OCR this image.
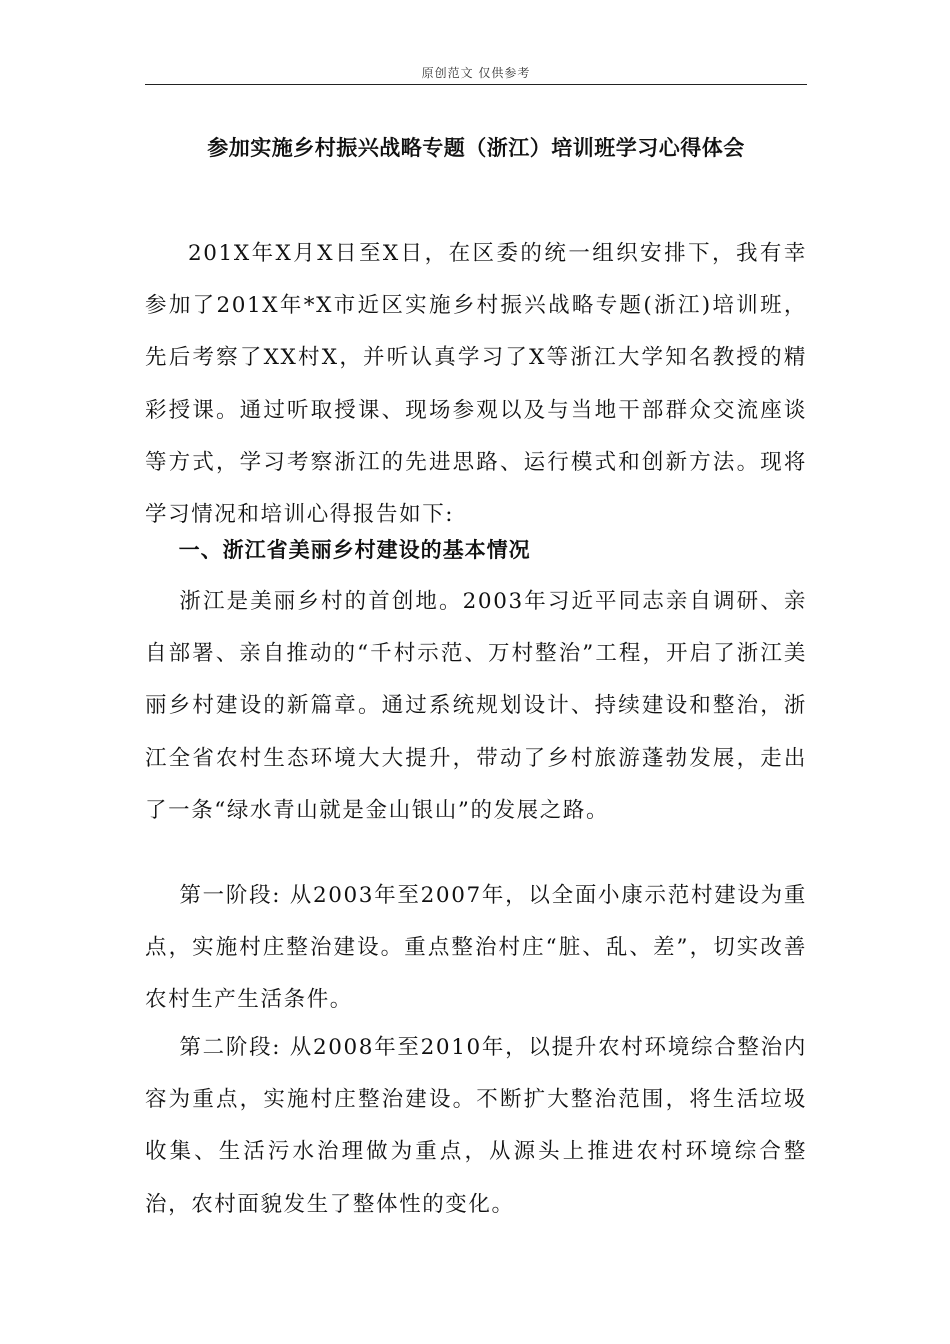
原创范文 仅供参考
参加实施乡村振兴战略专题（浙江）培训班学习心得体会

201X年X月X日至X日，在区委的统一组织安排下，我有幸参加了201X年*X市近区实施乡村振兴战略专题(浙江)培训班，先后考察了XX村X，并听认真学习了X等浙江大学知名教授的精彩授课。通过听取授课、现场参观以及与当地干部群众交流座谈等方式，学习考察浙江的先进思路、运行模式和创新方法。现将学习情况和培训心得报告如下:

一、浙江省美丽乡村建设的基本情况

浙江是美丽乡村的首创地。2003年习近平同志亲自调研、亲自部署、亲自推动的“千村示范、万村整治”工程，开启了浙江美丽乡村建设的新篇章。通过系统规划设计、持续建设和整治，浙江全省农村生态环境大大提升，带动了乡村旅游蓬勃发展，走出了一条“绿水青山就是金山银山”的发展之路。

第一阶段: 从2003年至2007年，以全面小康示范村建设为重点，实施村庄整治建设。重点整治村庄“脏、乱、差”，切实改善农村生产生活条件。

第二阶段: 从2008年至2010年，以提升农村环境综合整治内容为重点，实施村庄整治建设。不断扩大整治范围，将生活垃圾收集、生活污水治理做为重点，从源头上推进农村环境综合整治，农村面貌发生了整体性的变化。
